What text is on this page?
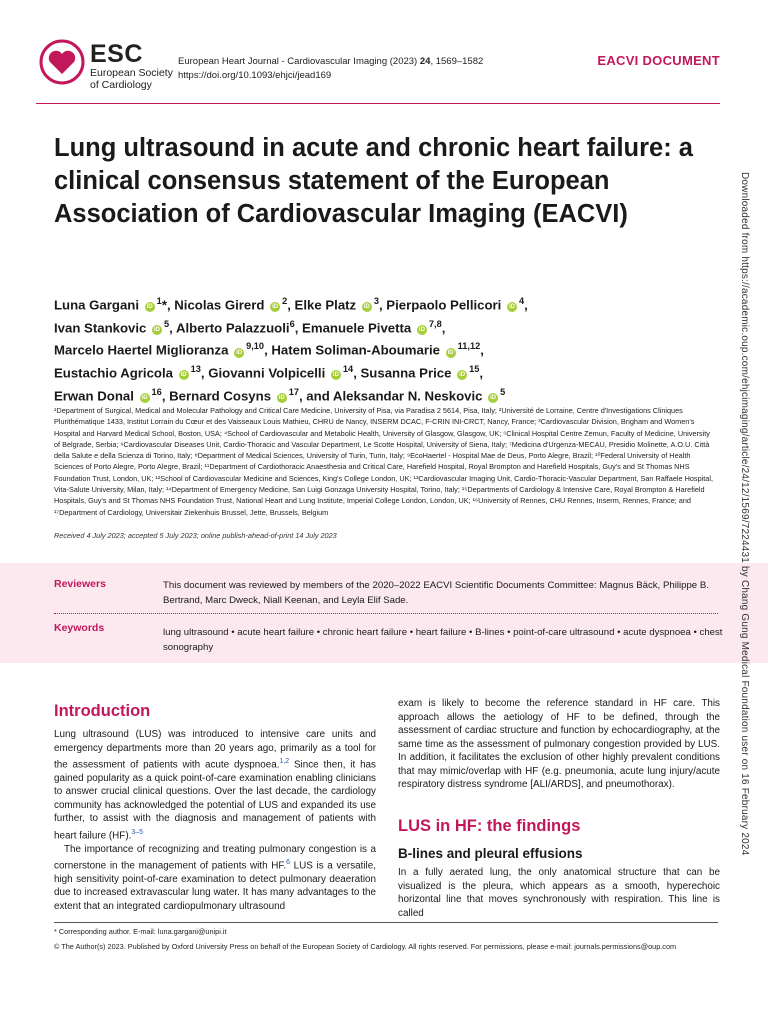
ESC
European Society
of Cardiology
European Heart Journal - Cardiovascular Imaging (2023) 24, 1569–1582
https://doi.org/10.1093/ehjci/jead169
EACVI DOCUMENT
Lung ultrasound in acute and chronic heart failure: a clinical consensus statement of the European Association of Cardiovascular Imaging (EACVI)
Luna Gargani $iD^1*$, Nicolas Girerd $iD^2$, Elke Platz $iD^3$, Pierpaolo Pellicori $iD^4$,
Ivan Stankovic $iD^5$, Alberto Palazzuoli$^6$, Emanuele Pivetta iD$^{7,8}$,
Marcelo Haertel Miglioranza iD$^{9,10}$, Hatem Soliman-Aboumarie iD$^{11,12}$,
Eustachio Agricola $iD^{13}$, Giovanni Volpicelli $iD^{14}$, Susanna Price $iD^{15}$,
Erwan Donal $iD^{16}$, Bernard Cosyns $iD^{17}$, and Aleksandar N. Neskovic $iD^5$
¹Department of Surgical, Medical and Molecular Pathology and Critical Care Medicine, University of Pisa, via Paradisa 2 5614, Pisa, Italy; ²Université de Lorraine, Centre d'Investigations Cliniques Plurithématique 1433, Institut Lorrain du Cœur et des Vaisseaux Louis Mathieu, CHRU de Nancy, INSERM DCAC, F-CRIN INI-CRCT, Nancy, France; ³Cardiovascular Division, Brigham and Women's Hospital and Harvard Medical School, Boston, USA; ⁴School of Cardiovascular and Metabolic Health, University of Glasgow, Glasgow, UK; ⁵Clinical Hospital Centre Zemun, Faculty of Medicine, University of Belgrade, Serbia; ⁶Cardiovascular Diseases Unit, Cardio-Thoracic and Vascular Department, Le Scotte Hospital, University of Siena, Italy; ⁷Medicina d'Urgenza-MECAU, Presidio Molinette, A.O.U. Città della Salute e della Scienza di Torino, Italy; ⁸Department of Medical Sciences, University of Turin, Turin, Italy; ⁹EcoHaertel - Hospital Mae de Deus, Porto Alegre, Brazil; ¹⁰Federal University of Health Sciences of Porto Alegre, Porto Alegre, Brazil; ¹¹Department of Cardiothoracic Anaesthesia and Critical Care, Harefield Hospital, Royal Brompton and Harefield Hospitals, Guy's and St Thomas NHS Foundation Trust, London, UK; ¹²School of Cardiovascular Medicine and Sciences, King's College London, UK; ¹³Cardiovascular Imaging Unit, Cardio-Thoracic-Vascular Department, San Raffaele Hospital, Vita-Salute University, Milan, Italy; ¹⁴Department of Emergency Medicine, San Luigi Gonzaga University Hospital, Torino, Italy; ¹⁵Departments of Cardiology & Intensive Care, Royal Brompton & Harefield Hospitals, Guy's and St Thomas NHS Foundation Trust, National Heart and Lung Institute, Imperial College London, London, UK; ¹⁶University of Rennes, CHU Rennes, Inserm, Rennes, France; and ¹⁷Department of Cardiology, Universitair Ziekenhuis Brussel, Jette, Brussels, Belgium
Received 4 July 2023; accepted 5 July 2023; online publish-ahead-of-print 14 July 2023
Reviewers	This document was reviewed by members of the 2020–2022 EACVI Scientific Documents Committee: Magnus Bäck, Philippe B. Bertrand, Marc Dweck, Niall Keenan, and Leyla Elif Sade.
Keywords	lung ultrasound • acute heart failure • chronic heart failure • heart failure • B-lines • point-of-care ultrasound • acute dyspnoea • chest sonography
Introduction
Lung ultrasound (LUS) was introduced to intensive care units and emergency departments more than 20 years ago, primarily as a tool for the assessment of patients with acute dyspnoea.$^{1,2}$ Since then, it has gained popularity as a quick point-of-care examination enabling clinicians to answer crucial clinical questions. Over the last decade, the cardiology community has acknowledged the potential of LUS and expanded its use further, to assist with the diagnosis and management of patients with heart failure (HF).$^{3-5}$
The importance of recognizing and treating pulmonary congestion is a cornerstone in the management of patients with HF.$^6$ LUS is a versatile, high sensitivity point-of-care examination to detect pulmonary deaeration due to increased extravascular lung water. It has many advantages to the extent that an integrated cardiopulmonary ultrasound
exam is likely to become the reference standard in HF care. This approach allows the aetiology of HF to be defined, through the assessment of cardiac structure and function by echocardiography, at the same time as the assessment of pulmonary congestion provided by LUS. In addition, it facilitates the exclusion of other highly prevalent conditions that may mimic/overlap with HF (e.g. pneumonia, acute lung injury/acute respiratory distress syndrome [ALI/ARDS], and pneumothorax).
LUS in HF: the findings
B-lines and pleural effusions
In a fully aerated lung, the only anatomical structure that can be visualized is the pleura, which appears as a smooth, hyperechoic horizontal line that moves synchronously with respiration. This line is called
* Corresponding author. E-mail: luna.gargani@unipi.it
© The Author(s) 2023. Published by Oxford University Press on behalf of the European Society of Cardiology. All rights reserved. For permissions, please e-mail: journals.permissions@oup.com
Downloaded from https://academic.oup.com/ehjcimaging/article/24/12/1569/7224431 by Chang Gung Medical Foundation user on 16 February 2024
